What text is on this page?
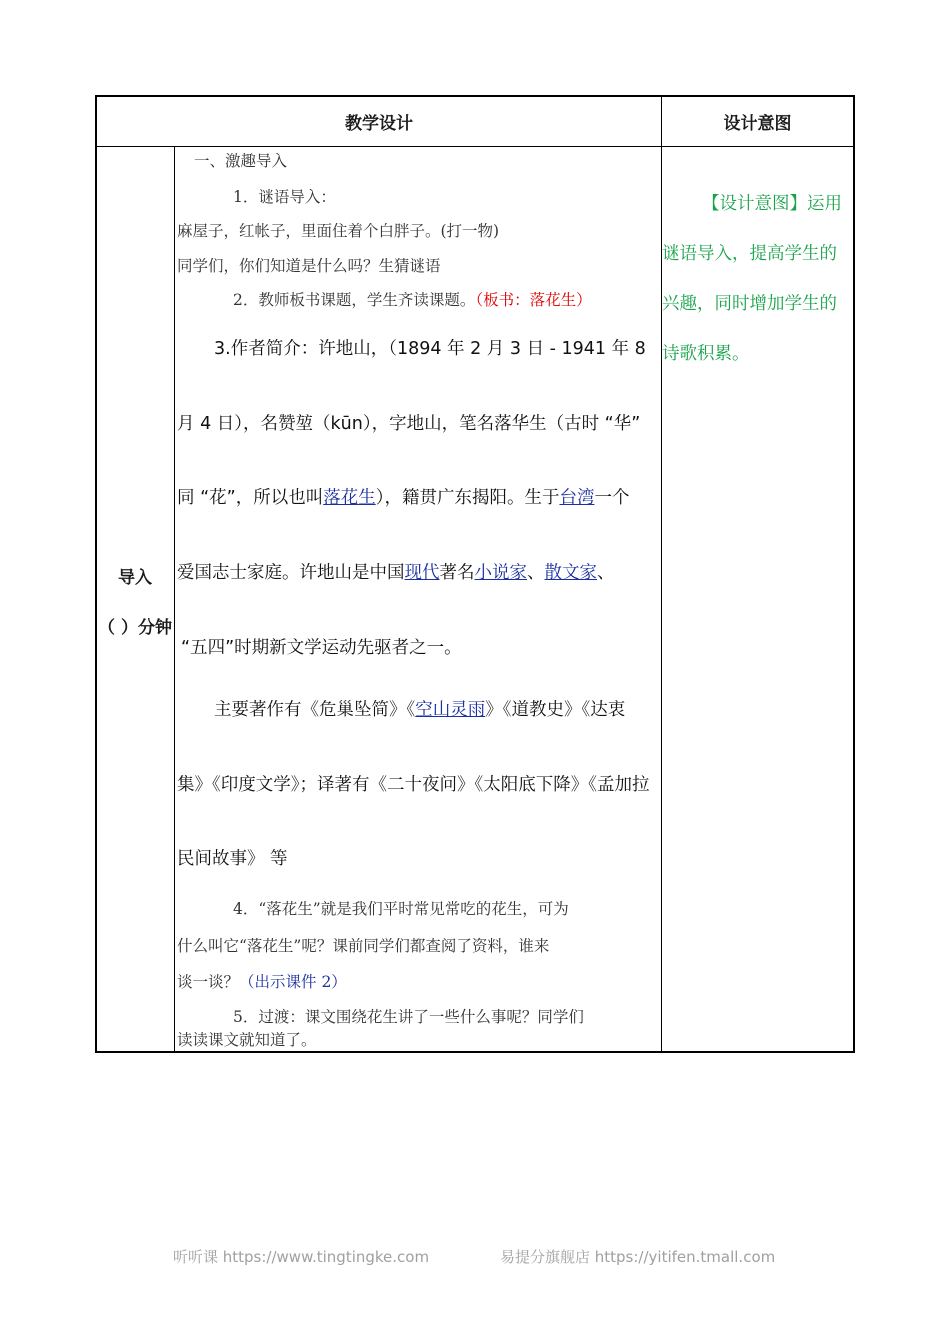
教学设计	设计意图
导入
（ ）分钟
一、激趣导入
1．谜语导入：
麻屋子，红帐子，里面住着个白胖子。(打一物)
同学们，你们知道是什么吗？生猜谜语
2．教师板书课题，学生齐读课题。（板书：落花生）
3.作者简介：许地山，（1894 年 2 月 3 日 - 1941 年 8
月 4 日），名赞堃（kūn），字地山，笔名落华生（古时 “华”
同 “花”，所以也叫落花生），籍贯广东揭阳。生于台湾一个
爱国志士家庭。许地山是中国现代著名小说家、散文家、
“五四”时期新文学运动先驱者之一。
主要著作有《危巢坠简》《空山灵雨》《道教史》《达衷
集》《印度文学》；译著有《二十夜问》《太阳底下降》《孟加拉
民间故事》 等
4．“落花生”就是我们平时常见常吃的花生，可为
什么叫它“落花生”呢？课前同学们都查阅了资料，谁来
谈一谈？（出示课件 2）
5．过渡：课文围绕花生讲了一些什么事呢？同学们
读读课文就知道了。
【设计意图】运用
谜语导入，提高学生的
兴趣，同时增加学生的
诗歌积累。
听听课 https://www.tingtingke.com	易提分旗舰店 https://yitifen.tmall.com
